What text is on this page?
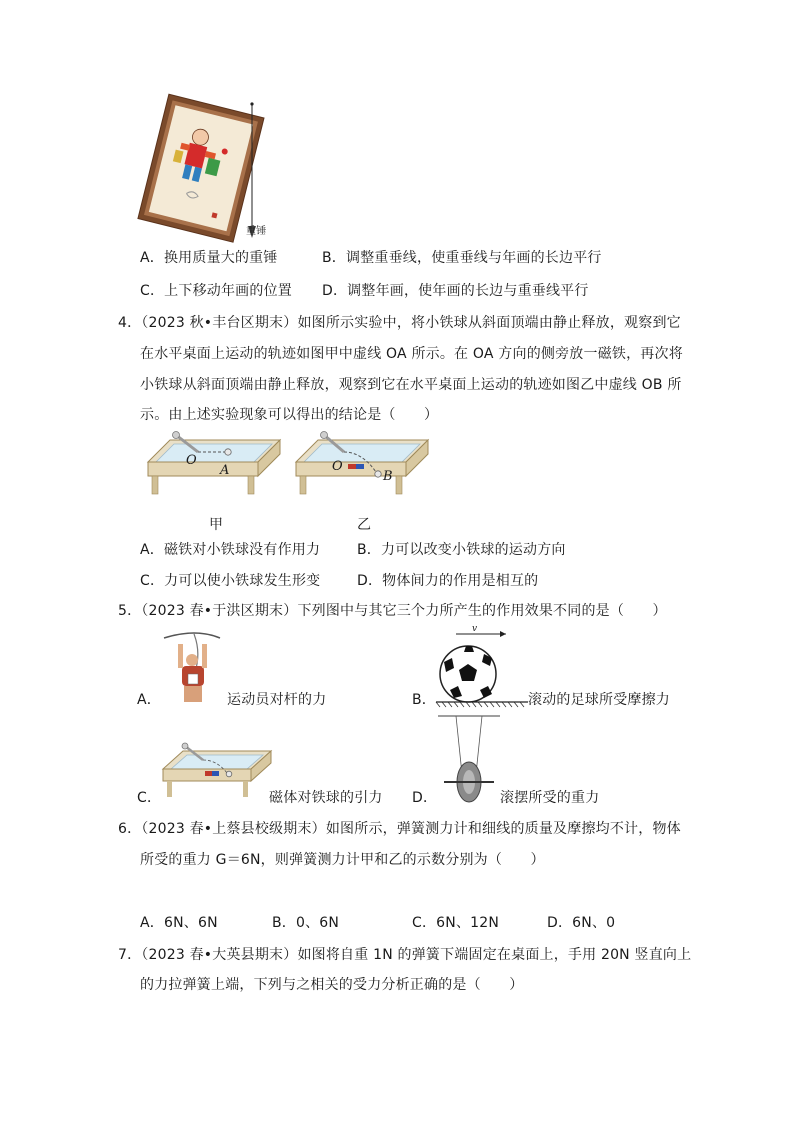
重锤
A．换用质量大的重锤	B．调整重垂线，使重垂线与年画的长边平行
C．上下移动年画的位置 D．调整年画，使年画的长边与重垂线平行
4．（2023 秋•丰台区期末）如图所示实验中，将小铁球从斜面顶端由静止释放，观察到它
在水平桌面上运动的轨迹如图甲中虚线 OA 所示。在 OA 方向的侧旁放一磁铁，再次将
小铁球从斜面顶端由静止释放，观察到它在水平桌面上运动的轨迹如图乙中虚线 OB 所
示。由上述实验现象可以得出的结论是（　　）
O
A
甲
O
B
乙
A．磁铁对小铁球没有作用力	B．力可以改变小铁球的运动方向
C．力可以使小铁球发生形变	D．物体间力的作用是相互的
5．（2023 春•于洪区期末）下列图中与其它三个力所产生的作用效果不同的是（　　）
A．	运动员对杆的力
v
B．	滚动的足球所受摩擦力
C．	磁体对铁球的引力 D．	滚摆所受的重力
6．（2023 春•上蔡县校级期末）如图所示，弹簧测力计和细线的质量及摩擦均不计，物体
所受的重力 G＝6N，则弹簧测力计甲和乙的示数分别为（　　）
A．6N、6N	B．0、6N	C．6N、12N	D．6N、0
7．（2023 春•大英县期末）如图将自重 1N 的弹簧下端固定在桌面上，手用 20N 竖直向上
的力拉弹簧上端，下列与之相关的受力分析正确的是（　　）
